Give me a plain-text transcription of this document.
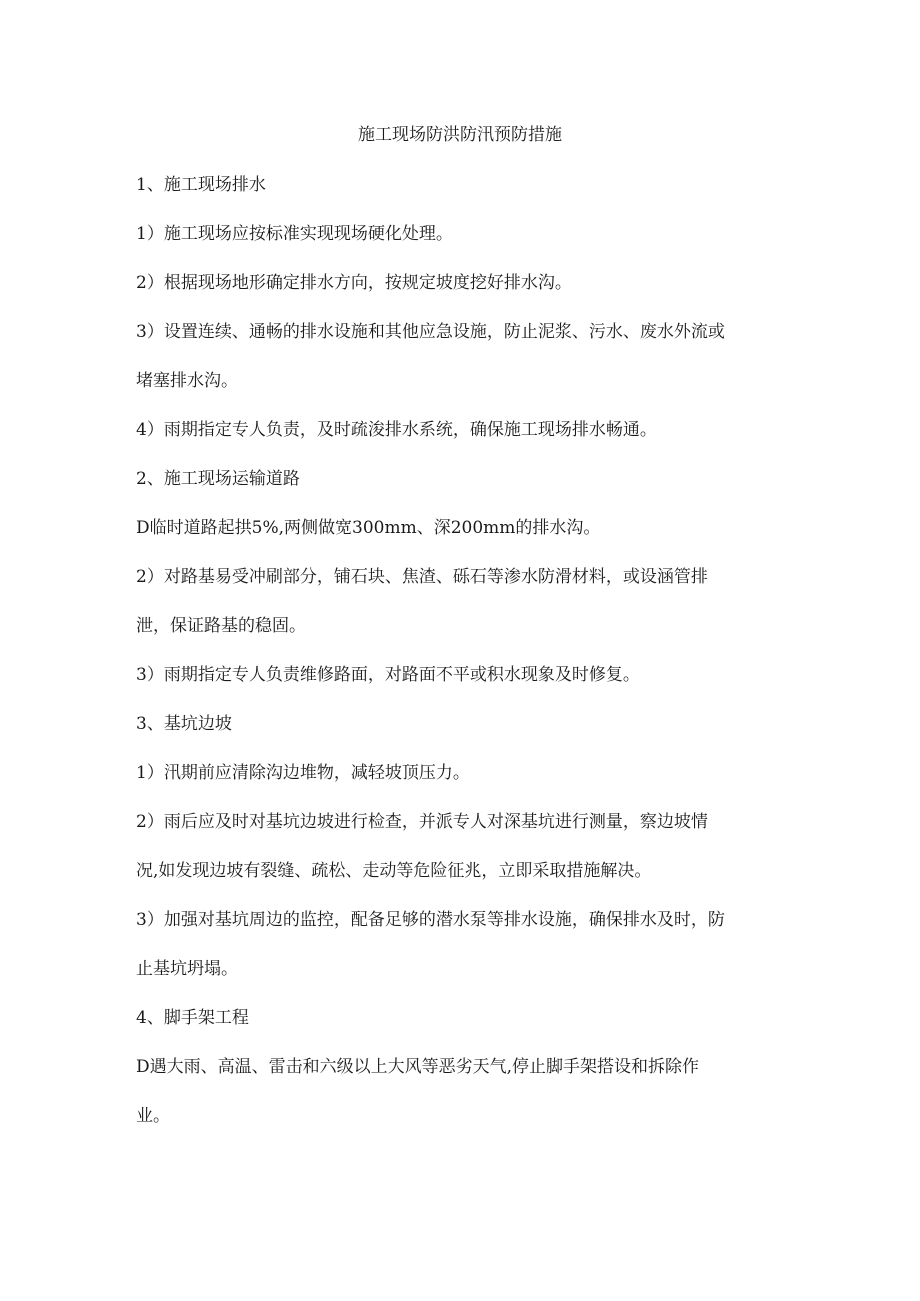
施工现场防洪防汛预防措施

1、施工现场排水

1）施工现场应按标准实现现场硬化处理。

2）根据现场地形确定排水方向，按规定坡度挖好排水沟。

3）设置连续、通畅的排水设施和其他应急设施，防止泥浆、污水、废水外流或

堵塞排水沟。

4）雨期指定专人负责，及时疏浚排水系统，确保施工现场排水畅通。

2、施工现场运输道路

D临时道路起拱5%,两侧做宽300mm、深200mm的排水沟。

2）对路基易受冲刷部分，铺石块、焦渣、砾石等渗水防滑材料，或设涵管排

泄，保证路基的稳固。

3）雨期指定专人负责维修路面，对路面不平或积水现象及时修复。

3、基坑边坡

1）汛期前应清除沟边堆物，减轻坡顶压力。

2）雨后应及时对基坑边坡进行检查，并派专人对深基坑进行测量，察边坡情

况,如发现边坡有裂缝、疏松、走动等危险征兆，立即采取措施解决。

3）加强对基坑周边的监控，配备足够的潜水泵等排水设施，确保排水及时，防

止基坑坍塌。

4、脚手架工程

D遇大雨、高温、雷击和六级以上大风等恶劣天气,停止脚手架搭设和拆除作

业。
